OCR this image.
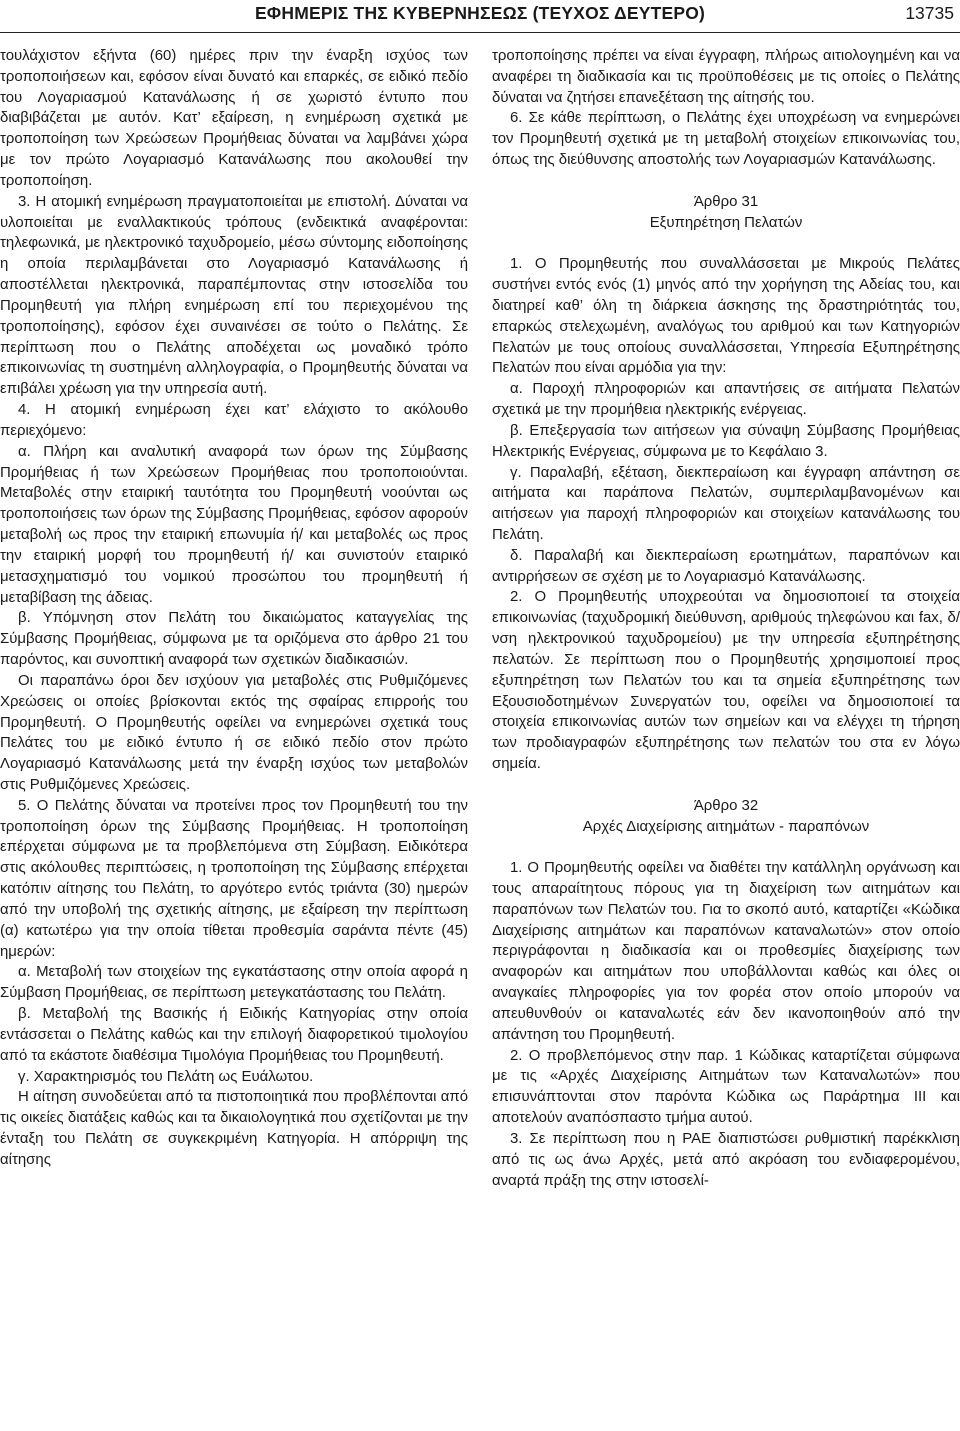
ΕΦΗΜΕΡΙΣ ΤΗΣ ΚΥΒΕΡΝΗΣΕΩΣ (ΤΕΥΧΟΣ ΔΕΥΤΕΡΟ)	13735

τουλάχιστον εξήντα (60) ημέρες πριν την έναρξη ισχύος των τροποποιήσεων και, εφόσον είναι δυνατό και επαρκές, σε ειδικό πεδίο του Λογαριασμού Κατανάλωσης ή σε χωριστό έντυπο που διαβιβάζεται με αυτόν. Κατ’ εξαίρεση, η ενημέρωση σχετικά με τροποποίηση των Χρεώσεων Προμήθειας δύναται να λαμβάνει χώρα με τον πρώτο Λογαριασμό Κατανάλωσης που ακολουθεί την τροποποίηση.

3. Η ατομική ενημέρωση πραγματοποιείται με επιστολή. Δύναται να υλοποιείται με εναλλακτικούς τρόπους (ενδεικτικά αναφέρονται: τηλεφωνικά, με ηλεκτρονικό ταχυδρομείο, μέσω σύντομης ειδοποίησης η οποία περιλαμβάνεται στο Λογαριασμό Κατανάλωσης ή αποστέλλεται ηλεκτρονικά, παραπέμποντας στην ιστοσελίδα του Προμηθευτή για πλήρη ενημέρωση επί του περιεχομένου της τροποποίησης), εφόσον έχει συναινέσει σε τούτο ο Πελάτης. Σε περίπτωση που ο Πελάτης αποδέχεται ως μοναδικό τρόπο επικοινωνίας τη συστημένη αλληλογραφία, ο Προμηθευτής δύναται να επιβάλει χρέωση για την υπηρεσία αυτή.

4. Η ατομική ενημέρωση έχει κατ’ ελάχιστο το ακόλουθο περιεχόμενο:

α. Πλήρη και αναλυτική αναφορά των όρων της Σύμβασης Προμήθειας ή των Χρεώσεων Προμήθειας που τροποποιούνται. Μεταβολές στην εταιρική ταυτότητα του Προμηθευτή νοούνται ως τροποποιήσεις των όρων της Σύμβασης Προμήθειας, εφόσον αφορούν μεταβολή ως προς την εταιρική επωνυμία ή/ και μεταβολές ως προς την εταιρική μορφή του προμηθευτή ή/ και συνιστούν εταιρικό μετασχηματισμό του νομικού προσώπου του προμηθευτή ή μεταβίβαση της άδειας.

β. Υπόμνηση στον Πελάτη του δικαιώματος καταγγελίας της Σύμβασης Προμήθειας, σύμφωνα με τα οριζόμενα στο άρθρο 21 του παρόντος, και συνοπτική αναφορά των σχετικών διαδικασιών.

Οι παραπάνω όροι δεν ισχύουν για μεταβολές στις Ρυθμιζόμενες Χρεώσεις οι οποίες βρίσκονται εκτός της σφαίρας επιρροής του Προμηθευτή. Ο Προμηθευτής οφείλει να ενημερώνει σχετικά τους Πελάτες του με ειδικό έντυπο ή σε ειδικό πεδίο στον πρώτο Λογαριασμό Κατανάλωσης μετά την έναρξη ισχύος των μεταβολών στις Ρυθμιζόμενες Χρεώσεις.

5. Ο Πελάτης δύναται να προτείνει προς τον Προμηθευτή του την τροποποίηση όρων της Σύμβασης Προμήθειας. Η τροποποίηση επέρχεται σύμφωνα με τα προβλεπόμενα στη Σύμβαση. Ειδικότερα στις ακόλουθες περιπτώσεις, η τροποποίηση της Σύμβασης επέρχεται κατόπιν αίτησης του Πελάτη, το αργότερο εντός τριάντα (30) ημερών από την υποβολή της σχετικής αίτησης, με εξαίρεση την περίπτωση (α) κατωτέρω για την οποία τίθεται προθεσμία σαράντα πέντε (45) ημερών:

α. Μεταβολή των στοιχείων της εγκατάστασης στην οποία αφορά η Σύμβαση Προμήθειας, σε περίπτωση μετεγκατάστασης του Πελάτη.

β. Μεταβολή της Βασικής ή Ειδικής Κατηγορίας στην οποία εντάσσεται ο Πελάτης καθώς και την επιλογή διαφορετικού τιμολογίου από τα εκάστοτε διαθέσιμα Τιμολόγια Προμήθειας του Προμηθευτή.

γ. Χαρακτηρισμός του Πελάτη ως Ευάλωτου.

Η αίτηση συνοδεύεται από τα πιστοποιητικά που προβλέπονται από τις οικείες διατάξεις καθώς και τα δικαιολογητικά που σχετίζονται με την ένταξη του Πελάτη σε συγκεκριμένη Κατηγορία. Η απόρριψη της αίτησης

τροποποίησης πρέπει να είναι έγγραφη, πλήρως αιτιολογημένη και να αναφέρει τη διαδικασία και τις προϋποθέσεις με τις οποίες ο Πελάτης δύναται να ζητήσει επανεξέταση της αίτησής του.

6. Σε κάθε περίπτωση, ο Πελάτης έχει υποχρέωση να ενημερώνει τον Προμηθευτή σχετικά με τη μεταβολή στοιχείων επικοινωνίας του, όπως της διεύθυνσης αποστολής των Λογαριασμών Κατανάλωσης.

Άρθρο 31

Εξυπηρέτηση Πελατών

1. Ο Προμηθευτής που συναλλάσσεται με Μικρούς Πελάτες συστήνει εντός ενός (1) μηνός από την χορήγηση της Αδείας του, και διατηρεί καθ’ όλη τη διάρκεια άσκησης της δραστηριότητάς του, επαρκώς στελεχωμένη, αναλόγως του αριθμού και των Κατηγοριών Πελατών με τους οποίους συναλλάσσεται, Υπηρεσία Εξυπηρέτησης Πελατών που είναι αρμόδια για την:

α. Παροχή πληροφοριών και απαντήσεις σε αιτήματα Πελατών σχετικά με την προμήθεια ηλεκτρικής ενέργειας.

β. Επεξεργασία των αιτήσεων για σύναψη Σύμβασης Προμήθειας Ηλεκτρικής Ενέργειας, σύμφωνα με το Κεφάλαιο 3.

γ. Παραλαβή, εξέταση, διεκπεραίωση και έγγραφη απάντηση σε αιτήματα και παράπονα Πελατών, συμπεριλαμβανομένων και αιτήσεων για παροχή πληροφοριών και στοιχείων κατανάλωσης του Πελάτη.

δ. Παραλαβή και διεκπεραίωση ερωτημάτων, παραπόνων και αντιρρήσεων σε σχέση με το Λογαριασμό Κατανάλωσης.

2. Ο Προμηθευτής υποχρεούται να δημοσιοποιεί τα στοιχεία επικοινωνίας (ταχυδρομική διεύθυνση, αριθμούς τηλεφώνου και fax, δ/νση ηλεκτρονικού ταχυδρομείου) με την υπηρεσία εξυπηρέτησης πελατών. Σε περίπτωση που ο Προμηθευτής χρησιμοποιεί προς εξυπηρέτηση των Πελατών του και τα σημεία εξυπηρέτησης των Εξουσιοδοτημένων Συνεργατών του, οφείλει να δημοσιοποιεί τα στοιχεία επικοινωνίας αυτών των σημείων και να ελέγχει τη τήρηση των προδιαγραφών εξυπηρέτησης των πελατών του στα εν λόγω σημεία.

Άρθρο 32

Αρχές Διαχείρισης αιτημάτων - παραπόνων

1. Ο Προμηθευτής οφείλει να διαθέτει την κατάλληλη οργάνωση και τους απαραίτητους πόρους για τη διαχείριση των αιτημάτων και παραπόνων των Πελατών του. Για το σκοπό αυτό, καταρτίζει «Κώδικα Διαχείρισης αιτημάτων και παραπόνων καταναλωτών» στον οποίο περιγράφονται η διαδικασία και οι προθεσμίες διαχείρισης των αναφορών και αιτημάτων που υποβάλλονται καθώς και όλες οι αναγκαίες πληροφορίες για τον φορέα στον οποίο μπορούν να απευθυνθούν οι καταναλωτές εάν δεν ικανοποιηθούν από την απάντηση του Προμηθευτή.

2. Ο προβλεπόμενος στην παρ. 1 Κώδικας καταρτίζεται σύμφωνα με τις «Αρχές Διαχείρισης Αιτημάτων των Καταναλωτών» που επισυνάπτονται στον παρόντα Κώδικα ως Παράρτημα ΙΙΙ και αποτελούν αναπόσπαστο τμήμα αυτού.

3. Σε περίπτωση που η ΡΑΕ διαπιστώσει ρυθμιστική παρέκκλιση από τις ως άνω Αρχές, μετά από ακρόαση του ενδιαφερομένου, αναρτά πράξη της στην ιστοσελί-
